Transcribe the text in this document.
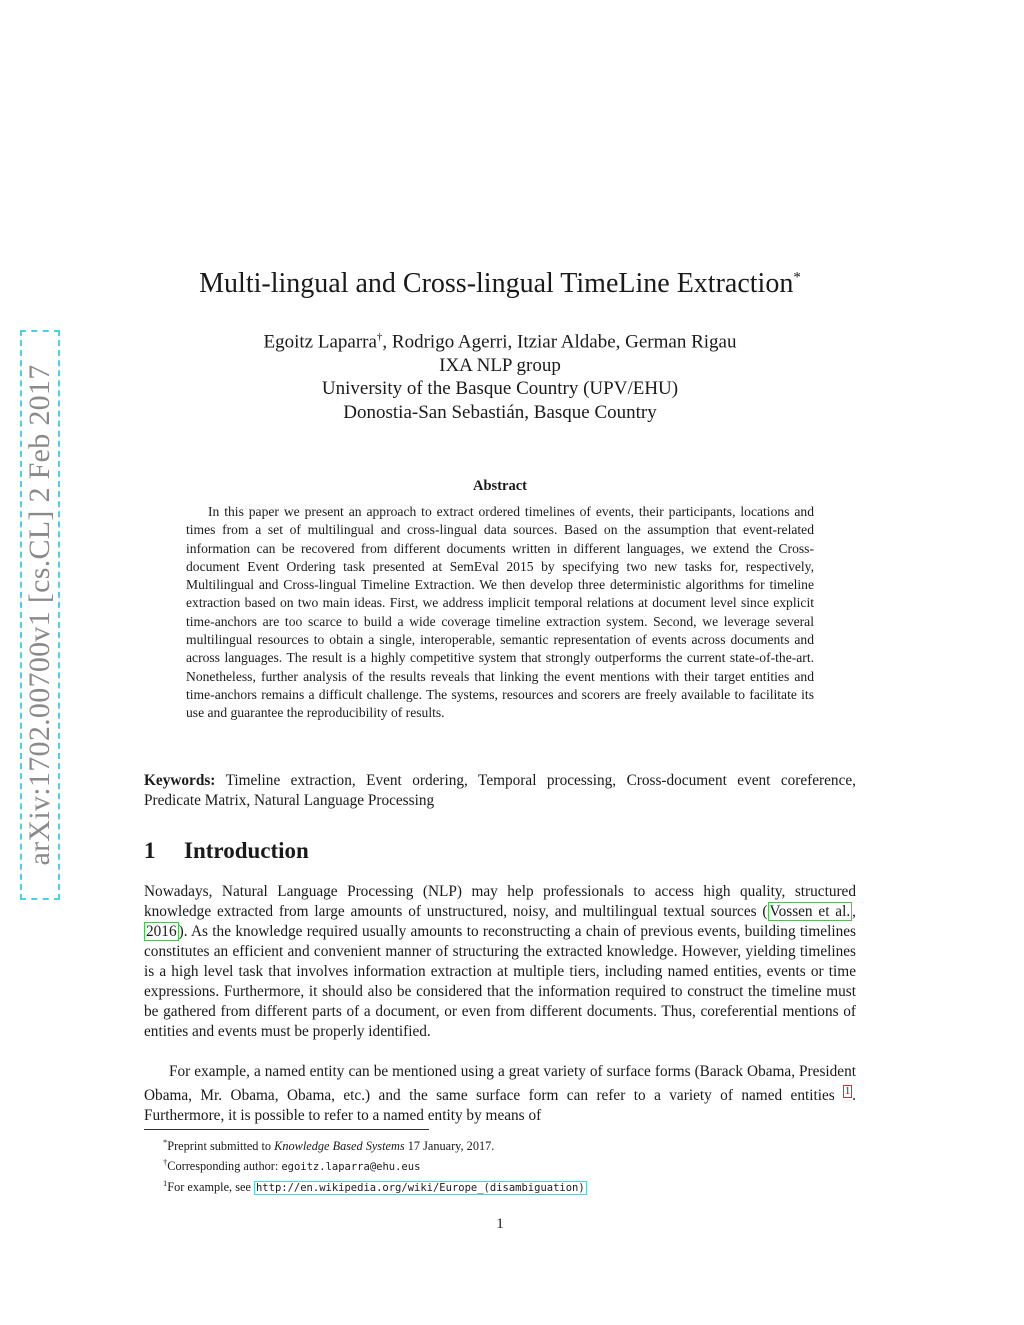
arXiv:1702.00700v1 [cs.CL] 2 Feb 2017
Multi-lingual and Cross-lingual TimeLine Extraction*
Egoitz Laparra†, Rodrigo Agerri, Itziar Aldabe, German Rigau
IXA NLP group
University of the Basque Country (UPV/EHU)
Donostia-San Sebastián, Basque Country
Abstract

In this paper we present an approach to extract ordered timelines of events, their participants, locations and times from a set of multilingual and cross-lingual data sources. Based on the assumption that event-related information can be recovered from different documents written in different languages, we extend the Cross-document Event Ordering task presented at SemEval 2015 by specifying two new tasks for, respectively, Multilingual and Cross-lingual Timeline Extraction. We then develop three deterministic algorithms for timeline extraction based on two main ideas. First, we address implicit temporal relations at document level since explicit time-anchors are too scarce to build a wide coverage timeline extraction system. Second, we leverage several multilingual resources to obtain a single, interoperable, semantic representation of events across documents and across languages. The result is a highly competitive system that strongly outperforms the current state-of-the-art. Nonetheless, further analysis of the results reveals that linking the event mentions with their target entities and time-anchors remains a difficult challenge. The systems, resources and scorers are freely available to facilitate its use and guarantee the reproducibility of results.

Keywords: Timeline extraction, Event ordering, Temporal processing, Cross-document event coreference, Predicate Matrix, Natural Language Processing

1 Introduction

Nowadays, Natural Language Processing (NLP) may help professionals to access high quality, structured knowledge extracted from large amounts of unstructured, noisy, and multilingual textual sources ( Vossen et al. , 2016 ). As the knowledge required usually amounts to reconstructing a chain of previous events, building timelines constitutes an efficient and convenient manner of structuring the extracted knowledge. However, yielding timelines is a high level task that involves information extraction at multiple tiers, including named entities, events or time expressions. Furthermore, it should also be considered that the information required to construct the timeline must be gathered from different parts of a document, or even from different documents. Thus, coreferential mentions of entities and events must be properly identified.

For example, a named entity can be mentioned using a great variety of surface forms (Barack Obama, President Obama, Mr. Obama, Obama, etc.) and the same surface form can refer to a variety of named entities $^1$ . Furthermore, it is possible to refer to a named entity by means of

*Preprint submitted to Knowledge Based Systems 17 January, 2017.
†Corresponding author: egoitz.laparra@ehu.eus
$^1$For example, see http://en.wikipedia.org/wiki/Europe_(disambiguation)
1
